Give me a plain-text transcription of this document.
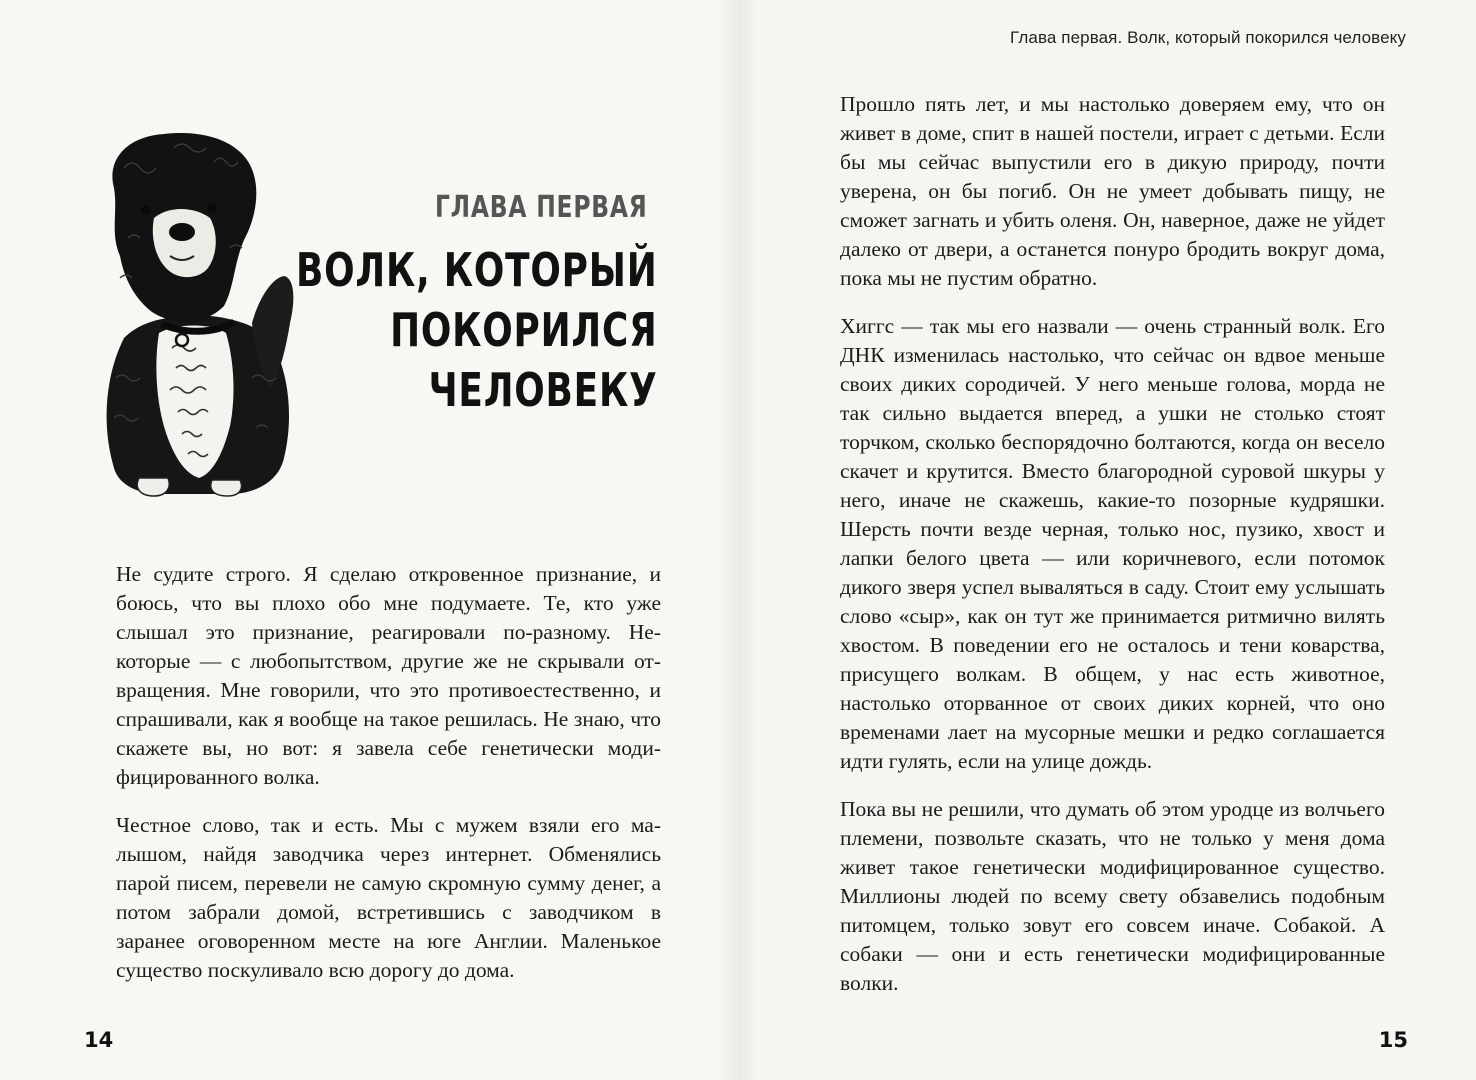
ГЛАВА ПЕРВАЯ
ВОЛК, КОТОРЫЙ
ПОКОРИЛСЯ
ЧЕЛОВЕКУ

Не судите строго. Я сделаю откровенное признание, и боюсь, что вы плохо обо мне подумаете. Те, кто уже слышал это признание, реагировали по-разному. Некоторые — с любопытством, другие же не скрывали отвращения. Мне говорили, что это противоестественно, и спрашивали, как я вообще на такое решилась. Не знаю, что скажете вы, но вот: я завела себе генетически модифицированного волка.

Честное слово, так и есть. Мы с мужем взяли его малышом, найдя заводчика через интернет. Обменялись парой писем, перевели не самую скромную сумму денег, а потом забрали домой, встретившись с заводчиком в заранее оговоренном месте на юге Англии. Маленькое существо поскуливало всю дорогу до дома.

14
Глава первая. Волк, который покорился человеку

Прошло пять лет, и мы настолько доверяем ему, что он живет в доме, спит в нашей постели, играет с детьми. Если бы мы сейчас выпустили его в дикую природу, почти уверена, он бы погиб. Он не умеет добывать пищу, не сможет загнать и убить оленя. Он, наверное, даже не уйдет далеко от двери, а останется понуро бродить вокруг дома, пока мы не пустим обратно.

Хиггс — так мы его назвали — очень странный волк. Его ДНК изменилась настолько, что сейчас он вдвое меньше своих диких сородичей. У него меньше голова, морда не так сильно выдается вперед, а ушки не столько стоят торчком, сколько беспорядочно болтаются, когда он весело скачет и крутится. Вместо благородной суровой шкуры у него, иначе не скажешь, какие-то позорные кудряшки. Шерсть почти везде черная, только нос, пузико, хвост и лапки белого цвета — или коричневого, если потомок дикого зверя успел вываляться в саду. Стоит ему услышать слово «сыр», как он тут же принимается ритмично вилять хвостом. В поведении его не осталось и тени коварства, присущего волкам. В общем, у нас есть животное, настолько оторванное от своих диких корней, что оно временами лает на мусорные мешки и редко соглашается идти гулять, если на улице дождь.

Пока вы не решили, что думать об этом уродце из волчьего племени, позвольте сказать, что не только у меня дома живет такое генетически модифицированное существо. Миллионы людей по всему свету обзавелись подобным питомцем, только зовут его совсем иначе. Собакой. А собаки — они и есть генетически модифицированные волки.

15
